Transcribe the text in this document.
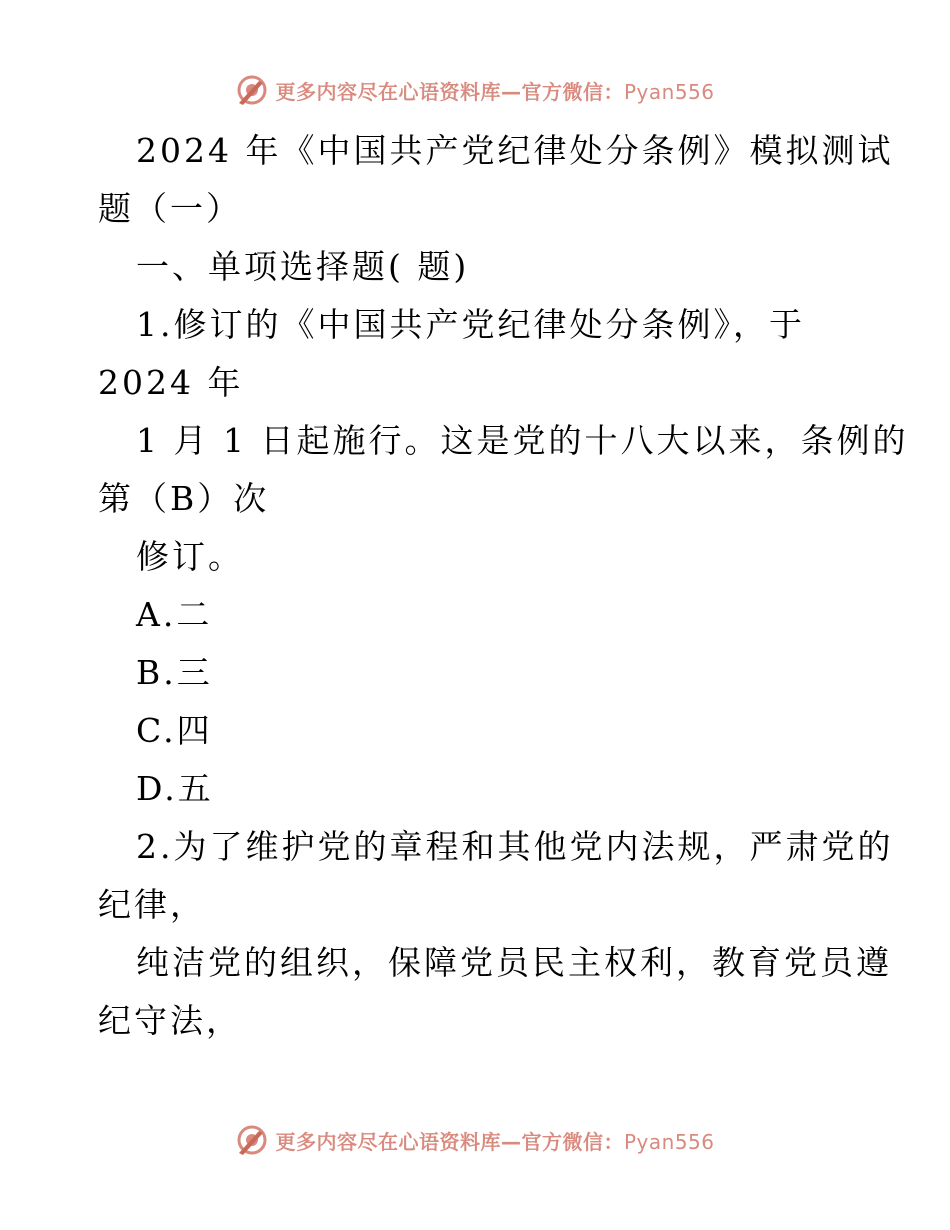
更多内容尽在心语资料库—官方微信：Pyan556
2024 年《中国共产党纪律处分条例》模拟测试
题（一）
一、单项选择题( 题)
1.修订的《中国共产党纪律处分条例》，于
2024 年
1 月 1 日起施行。这是党的十八大以来，条例的
第（B）次
修订。
A.二
B.三
C.四
D.五
2.为了维护党的章程和其他党内法规，严肃党的
纪律，
纯洁党的组织，保障党员民主权利，教育党员遵
纪守法，
更多内容尽在心语资料库—官方微信：Pyan556
